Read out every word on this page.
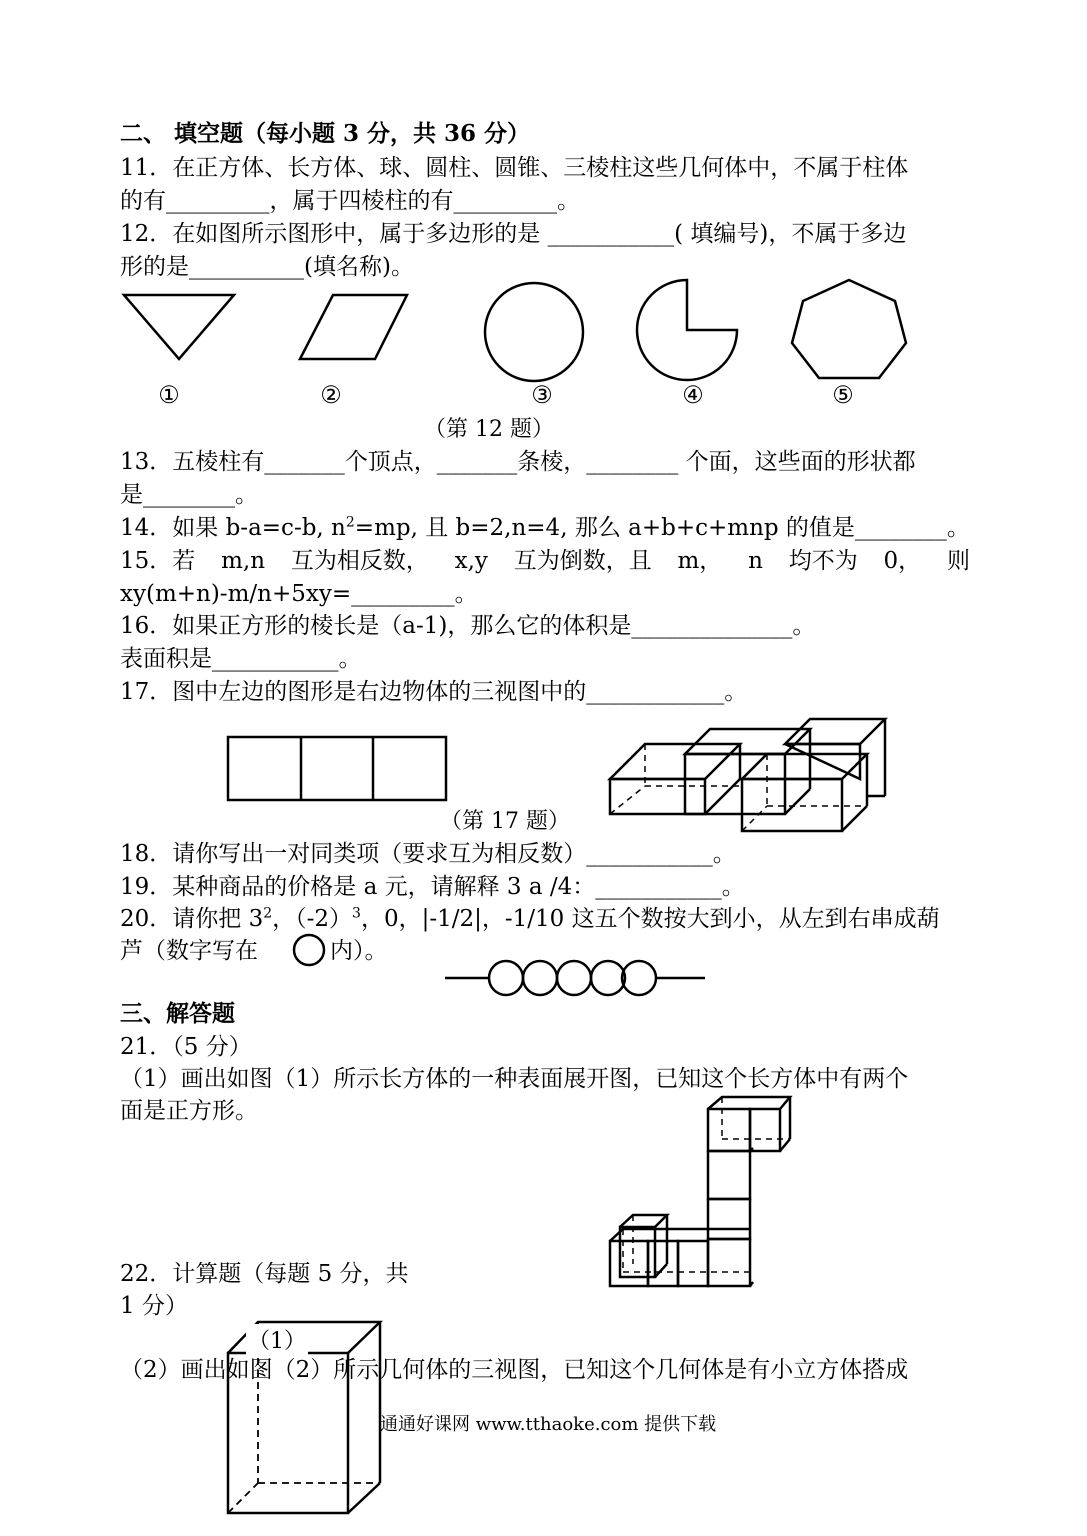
二、 填空题（每小题 3 分，共 36 分）
11．在正方体、长方体、球、圆柱、圆锥、三棱柱这些几何体中，不属于柱体
的有_________，属于四棱柱的有_________。
12．在如图所示图形中，属于多边形的是 ___________( 填编号)，不属于多边
形的是__________(填名称)。
①	②	③	④	⑤
（第 12 题）
13．五棱柱有_______个顶点，_______条棱，________ 个面，这些面的形状都
是________。
14．如果 b-a=c-b, $n^2=mp$, 且 b=2,n=4, 那么 a+b+c+mnp 的值是________。
15．若 m,n 互为相反数， x,y 互为倒数，且 m， n 均不为 0， 则
xy(m+n)-m/n+5xy=_________。
16．如果正方形的棱长是（a-1)，那么它的体积是______________。
表面积是___________。
17．图中左边的图形是右边物体的三视图中的____________。
（第 17 题）
18．请你写出一对同类项（要求互为相反数）___________。
19．某种商品的价格是 a 元，请解释 3 a /4：___________。
20．请你把 $3^2$，$(-2)^3$，0，|-1/2|，-1/10 这五个数按大到小，从左到右串成葫
芦（数字写在	内）。
三、解答题
21．（5 分）
（1）画出如图（1）所示长方体的一种表面展开图，已知这个长方体中有两个
面是正方形。
22．计算题（每题 5 分，共
1 分）
（1）
（2）画出如图（2）所示几何体的三视图，已知这个几何体是有小立方体搭成
通通好课网 www.tthaoke.com 提供下载
